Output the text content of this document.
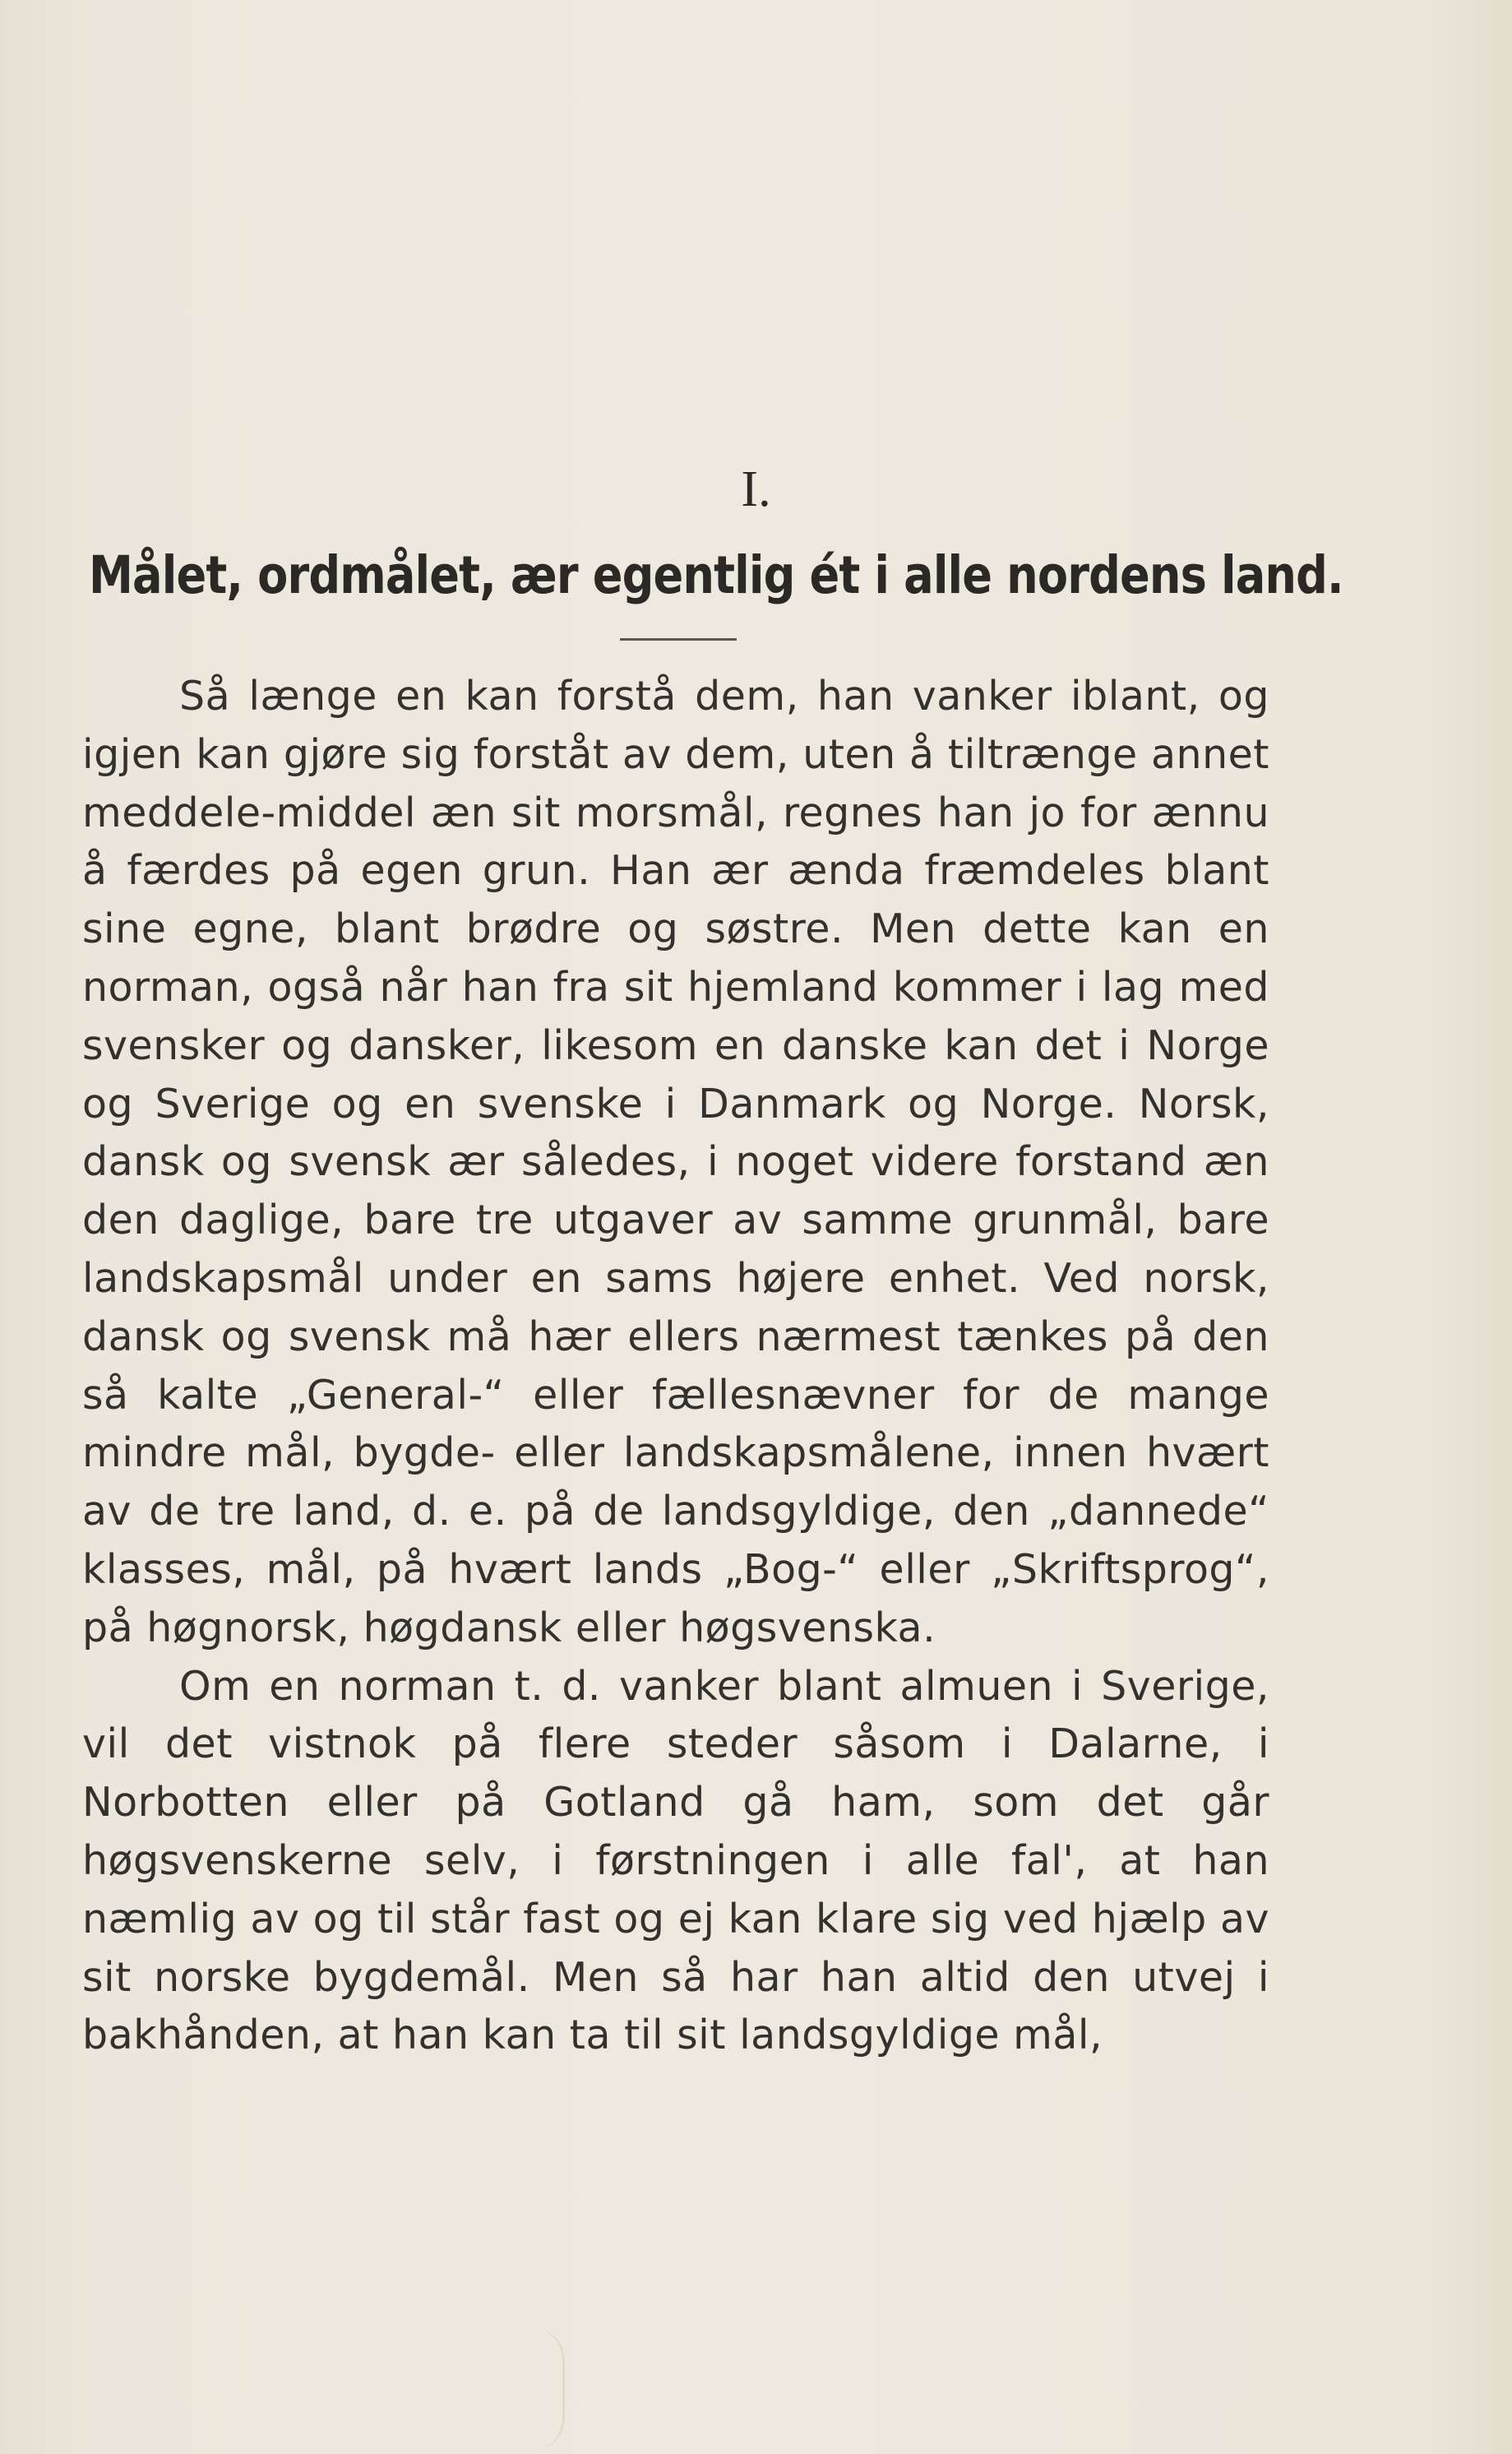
I.
Målet, ordmålet, ær egentlig ét i alle nordens land.

Så længe en kan forstå dem, han vanker iblant, og igjen kan gjøre sig forståt av dem, uten å tiltrænge annet meddele-middel æn sit morsmål, regnes han jo for ænnu å færdes på egen grun. Han ær ænda fræmdeles blant sine egne, blant brødre og søstre. Men dette kan en norman, også når han fra sit hjemland kommer i lag med svensker og dansker, likesom en danske kan det i Norge og Sverige og en svenske i Danmark og Norge. Norsk, dansk og svensk ær således, i noget videre forstand æn den daglige, bare tre utgaver av samme grunmål, bare landskapsmål under en sams højere enhet. Ved norsk, dansk og svensk må hær ellers nærmest tænkes på den så kalte „General-“ eller fællesnævner for de mange mindre mål, bygde- eller landskapsmålene, innen hvært av de tre land, d. e. på de landsgyldige, den „dannede“ klasses, mål, på hvært lands „Bog-“ eller „Skriftsprog“, på høgnorsk, høgdansk eller høgsvenska.

Om en norman t. d. vanker blant almuen i Sverige, vil det vistnok på flere steder såsom i Dalarne, i Norbotten eller på Gotland gå ham, som det går høgsvenskerne selv, i førstningen i alle fal', at han næmlig av og til står fast og ej kan klare sig ved hjælp av sit norske bygdemål. Men så har han altid den utvej i bakhånden, at han kan ta til sit landsgyldige mål,
